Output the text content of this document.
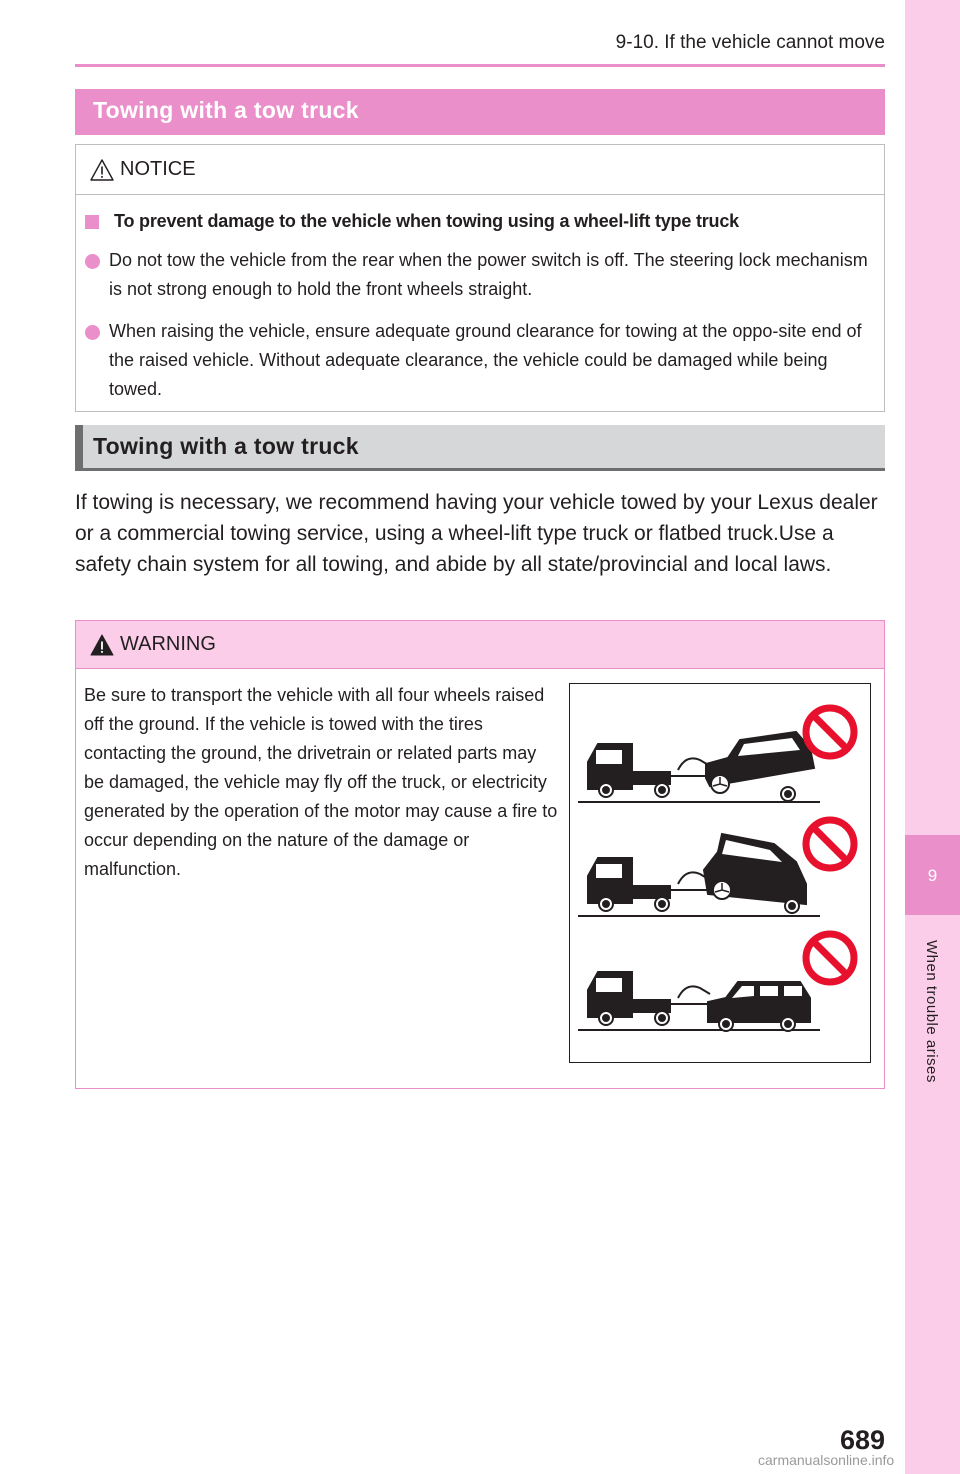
9
When trouble arises
9-10. If the vehicle cannot move
Towing with a tow truck
NOTICE
To prevent damage to the vehicle when towing using a wheel-lift type truck
Do not tow the vehicle from the rear when the power switch is off. The steering lock mechanism is not strong enough to hold the front wheels straight.
When raising the vehicle, ensure adequate ground clearance for towing at the oppo-site end of the raised vehicle. Without adequate clearance, the vehicle could be damaged while being towed.
Towing with a tow truck
If towing is necessary, we recommend having your vehicle towed by your Lexus dealer or a commercial towing service, using a wheel-lift type truck or flatbed truck.Use a safety chain system for all towing, and abide by all state/provincial and local laws.
WARNING
Be sure to transport the vehicle with all four wheels raised off the ground. If the vehicle is towed with the tires contacting the ground, the drivetrain or related parts may be damaged, the vehicle may fly off the truck, or electricity generated by the operation of the motor may cause a fire to occur depending on the nature of the damage or malfunction.
689
carmanualsonline.info
